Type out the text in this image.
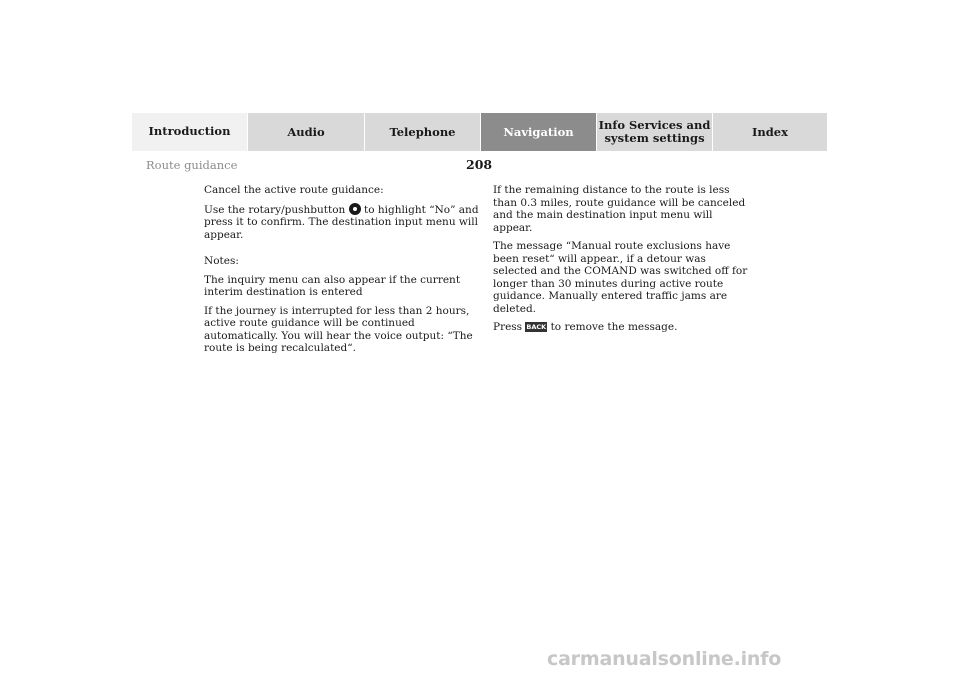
Introduction	Audio	Telephone	Navigation Info Services and
system settings	Index
208
Route guidance

Cancel the active route guidance:

Use the rotary/pushbutton to highlight “No” and press it to confirm. The destination input menu will appear.

Notes:

The inquiry menu can also appear if the current interim destination is entered

If the journey is interrupted for less than 2 hours, active route guidance will be continued automatically. You will hear the voice output: “The route is being recalculated“.

If the remaining distance to the route is less than 0.3 miles, route guidance will be canceled and the main destination input menu will appear.

The message “Manual route exclusions have been reset“ will appear., if a detour was selected and the COMAND was switched off for longer than 30 minutes during active route guidance. Manually entered traffic jams are deleted.

Press BACK to remove the message.

carmanualsonline.info
